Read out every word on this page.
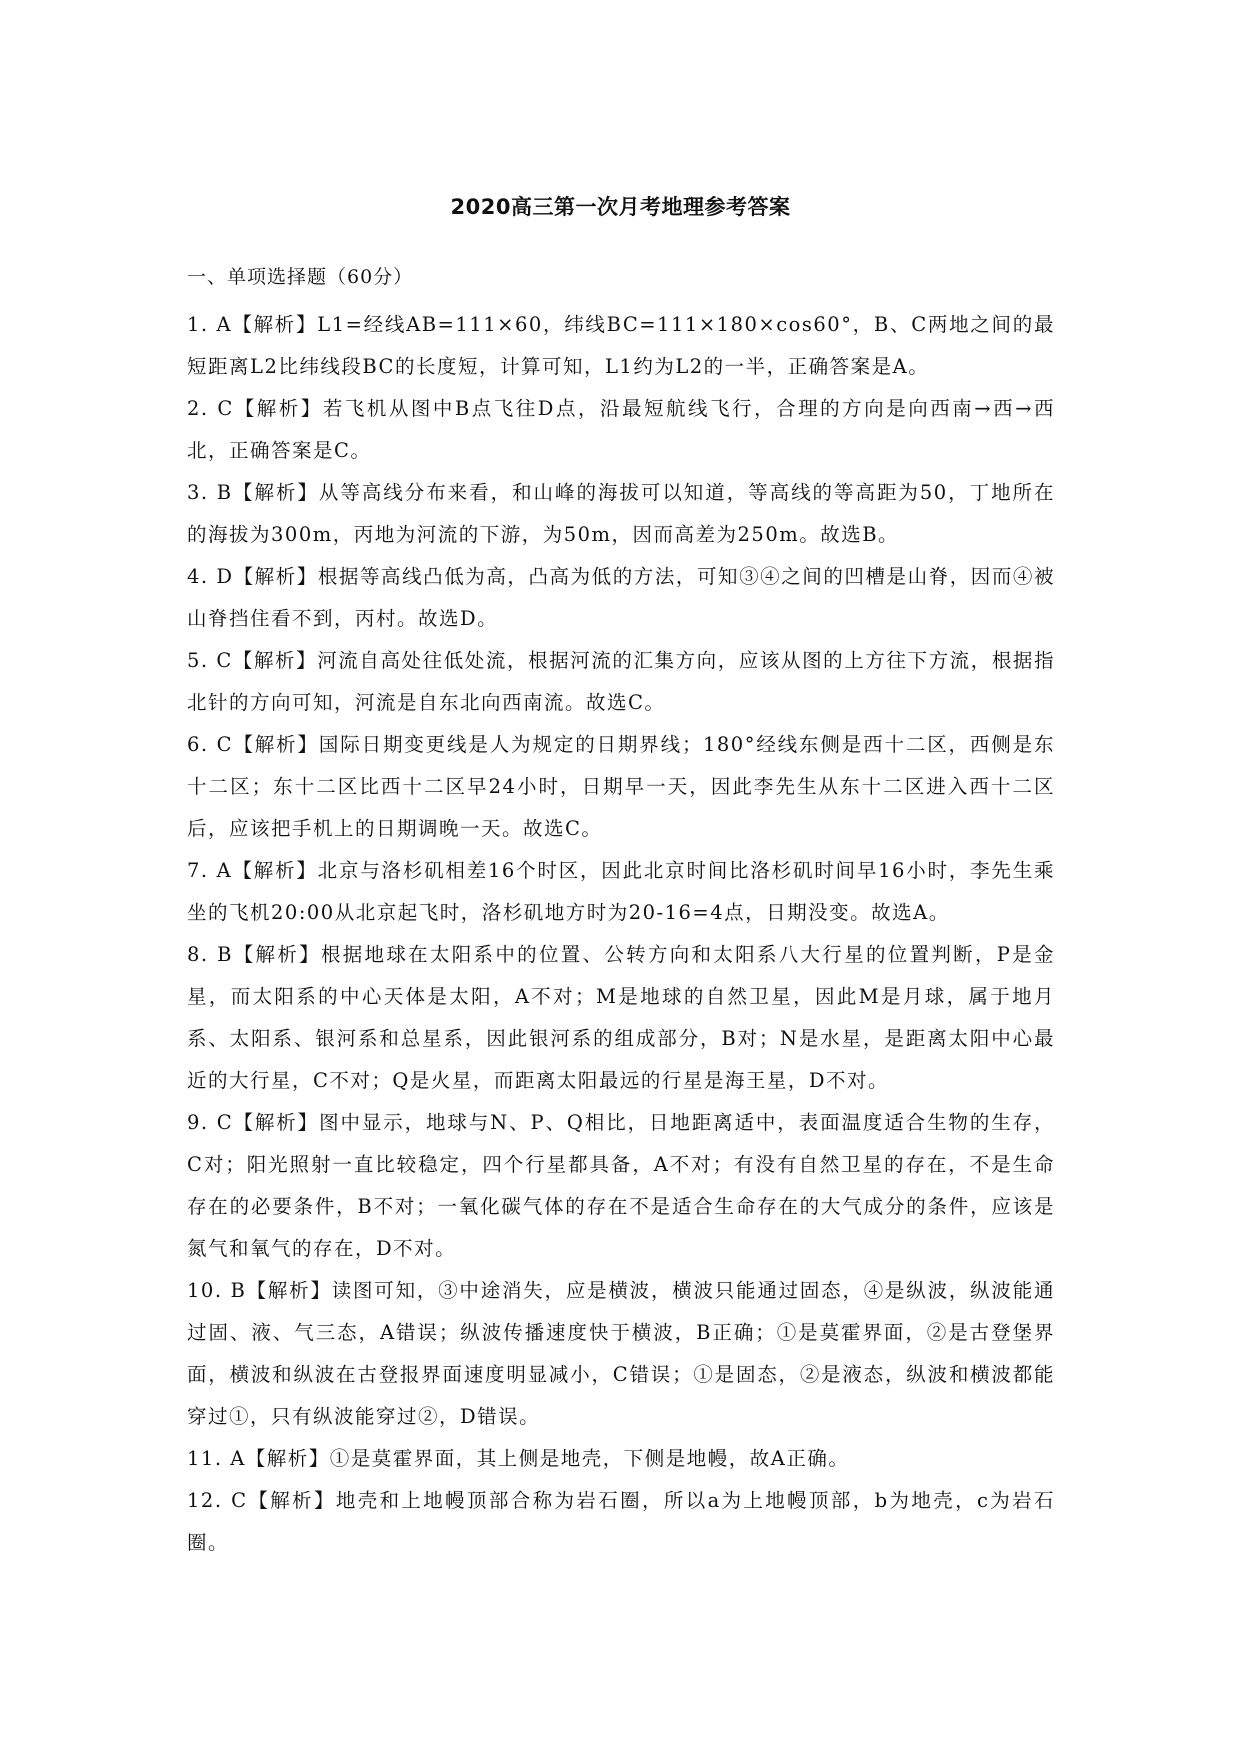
2020高三第一次月考地理参考答案
一、单项选择题（60分）
1. A【解析】L1=经线AB=111×60，纬线BC=111×180×cos60°，B、C两地之间的最短距离L2比纬线段BC的长度短，计算可知，L1约为L2的一半，正确答案是A。
2. C【解析】若飞机从图中B点飞往D点，沿最短航线飞行，合理的方向是向西南→西→西北，正确答案是C。
3. B【解析】从等高线分布来看，和山峰的海拔可以知道，等高线的等高距为50，丁地所在的海拔为300m，丙地为河流的下游，为50m，因而高差为250m。故选B。
4. D【解析】根据等高线凸低为高，凸高为低的方法，可知③④之间的凹槽是山脊，因而④被山脊挡住看不到，丙村。故选D。
5. C【解析】河流自高处往低处流，根据河流的汇集方向，应该从图的上方往下方流，根据指北针的方向可知，河流是自东北向西南流。故选C。
6. C【解析】国际日期变更线是人为规定的日期界线；180°经线东侧是西十二区，西侧是东十二区；东十二区比西十二区早24小时，日期早一天，因此李先生从东十二区进入西十二区后，应该把手机上的日期调晚一天。故选C。
7. A【解析】北京与洛杉矶相差16个时区，因此北京时间比洛杉矶时间早16小时，李先生乘坐的飞机20:00从北京起飞时，洛杉矶地方时为20-16=4点，日期没变。故选A。
8. B【解析】根据地球在太阳系中的位置、公转方向和太阳系八大行星的位置判断，P是金星，而太阳系的中心天体是太阳，A不对；M是地球的自然卫星，因此M是月球，属于地月系、太阳系、银河系和总星系，因此银河系的组成部分，B对；N是水星，是距离太阳中心最近的大行星，C不对；Q是火星，而距离太阳最远的行星是海王星，D不对。
9. C【解析】图中显示，地球与N、P、Q相比，日地距离适中，表面温度适合生物的生存，C对；阳光照射一直比较稳定，四个行星都具备，A不对；有没有自然卫星的存在，不是生命存在的必要条件，B不对；一氧化碳气体的存在不是适合生命存在的大气成分的条件，应该是氮气和氧气的存在，D不对。
10. B【解析】读图可知，③中途消失，应是横波，横波只能通过固态，④是纵波，纵波能通过固、液、气三态，A错误；纵波传播速度快于横波，B正确；①是莫霍界面，②是古登堡界面，横波和纵波在古登报界面速度明显减小，C错误；①是固态，②是液态，纵波和横波都能穿过①，只有纵波能穿过②，D错误。
11. A【解析】①是莫霍界面，其上侧是地壳，下侧是地幔，故A正确。
12. C【解析】地壳和上地幔顶部合称为岩石圈，所以a为上地幔顶部，b为地壳，c为岩石圈。
